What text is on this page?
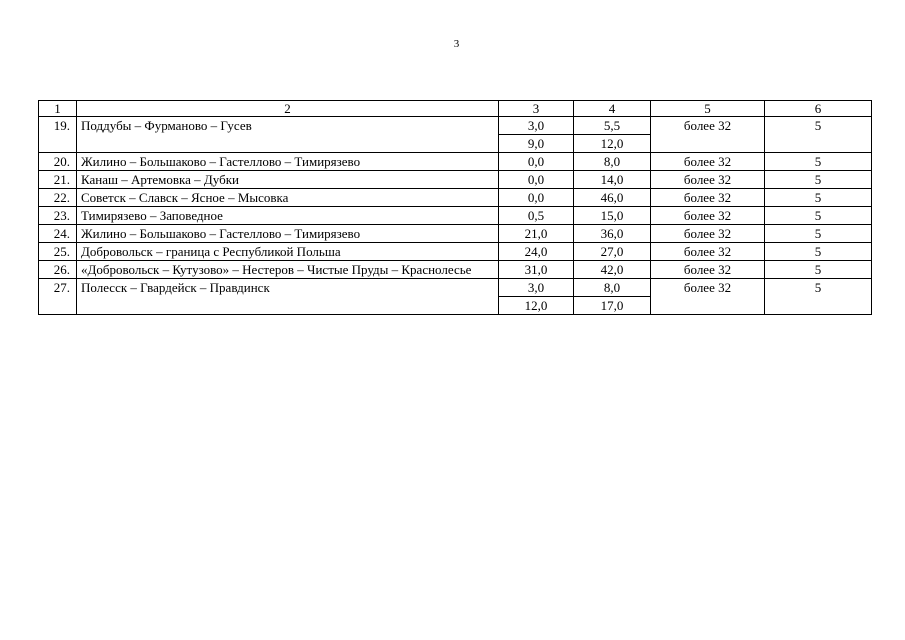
3
1	2	3	4	5	6
19.	Поддубы – Фурманово – Гусев	3,0	5,5	более 32	5
		9,0	12,0		
20.	Жилино – Большаково – Гастеллово – Тимирязево	0,0	8,0	более 32	5
21.	Канаш – Артемовка – Дубки	0,0	14,0	более 32	5
22.	Советск – Славск – Ясное – Мысовка	0,0	46,0	более 32	5
23.	Тимирязево – Заповедное	0,5	15,0	более 32	5
24.	Жилино – Большаково – Гастеллово – Тимирязево	21,0	36,0	более 32	5
25.	Добровольск – граница с Республикой Польша	24,0	27,0	более 32	5
26.	«Добровольск – Кутузово» – Нестеров – Чистые Пруды – Краснолесье	31,0	42,0	более 32	5
27.	Полесск – Гвардейск – Правдинск	3,0	8,0	более 32	5
		12,0	17,0		
